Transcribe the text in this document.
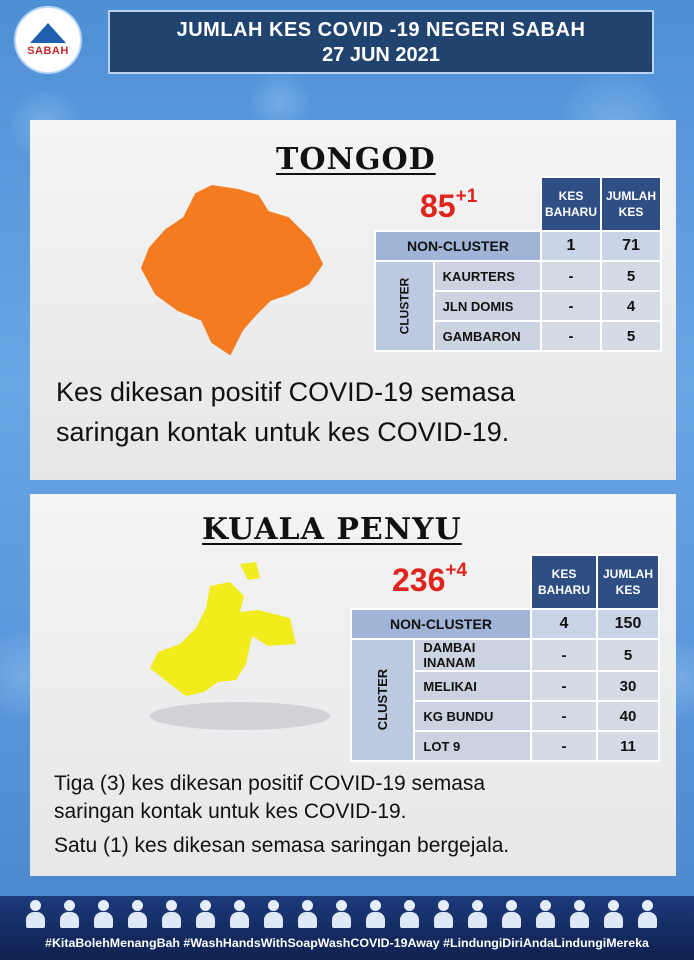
SABAH
JUMLAH KES COVID -19 NEGERI SABAH
27 JUN 2021
TONGOD
$85^{+1}$
		KES BAHARU	JUMLAH KES
NON-CLUSTER		1	71
CLUSTER	KAURTERS	-	5
	JLN DOMIS	-	4
	GAMBARON	-	5
Kes dikesan positif COVID-19 semasa
saringan kontak untuk kes COVID-19.
KUALA PENYU
$236^{+4}$
		KES BAHARU	JUMLAH KES
NON-CLUSTER		4	150
CLUSTER	DAMBAI INANAM	-	5
	MELIKAI	-	30
	KG BUNDU	-	40
	LOT 9	-	11
Tiga (3) kes dikesan positif COVID-19 semasa
saringan kontak untuk kes COVID-19.
Satu (1) kes dikesan semasa saringan bergejala.
#KitaBolehMenangBah #WashHandsWithSoapWashCOVID-19Away #LindungiDiriAndaLindungiMereka
